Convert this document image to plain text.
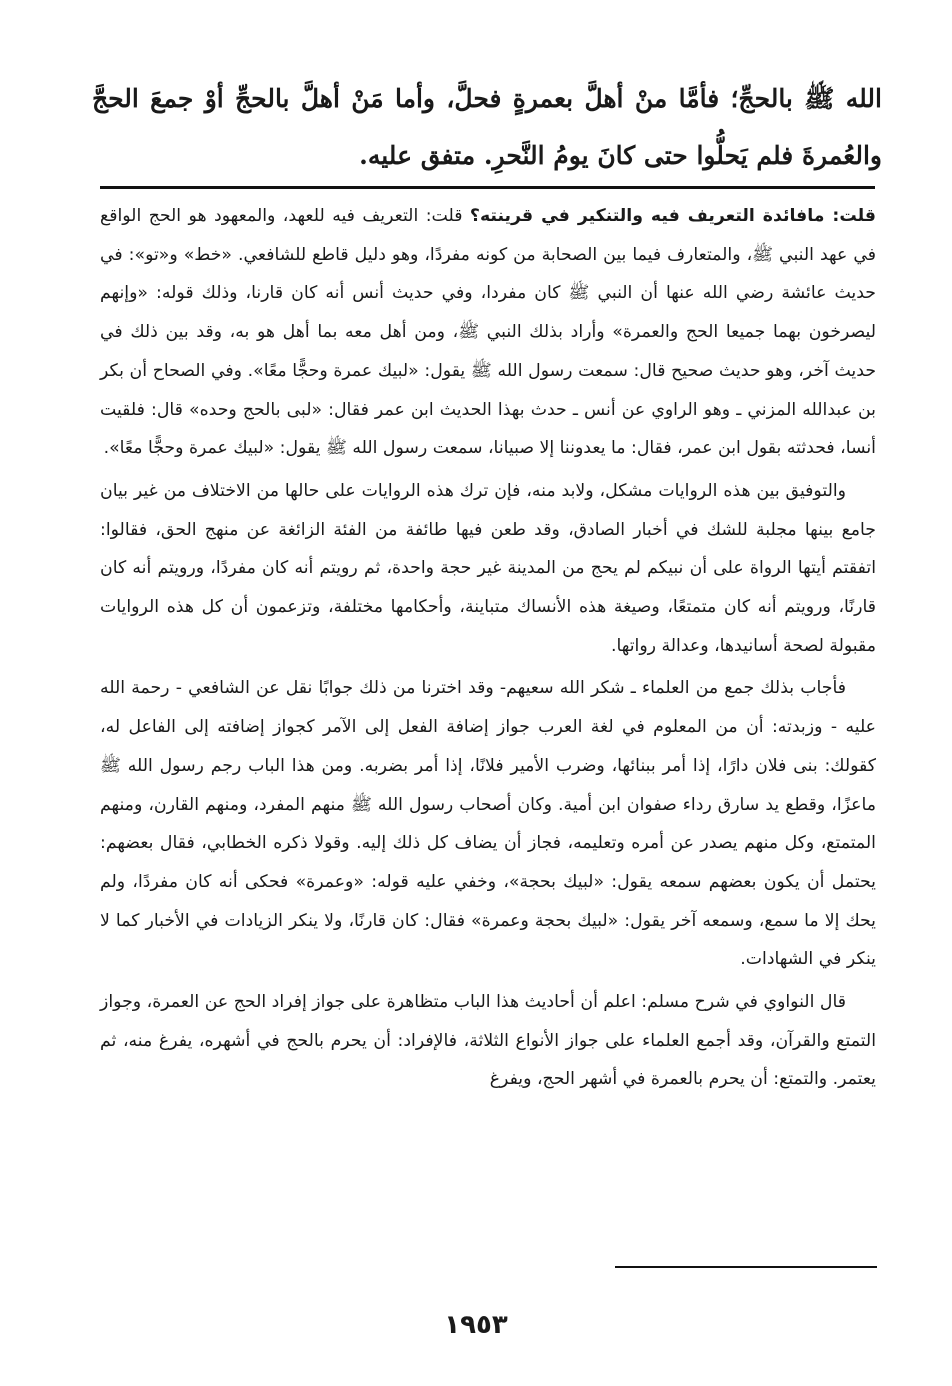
الله ﷺ بالحجِّ؛ فأمَّا منْ أهلَّ بعمرةٍ فحلَّ، وأما مَنْ أهلَّ بالحجِّ أوْ جمعَ الحجَّ والعُمرةَ فلم يَحلُّوا حتى كانَ يومُ النَّحرِ. متفق عليه.

قلت: مافائدة التعريف فيه والتنكير في قرينته؟ قلت: التعريف فيه للعهد، والمعهود هو الحج الواقع في عهد النبي ﷺ، والمتعارف فيما بين الصحابة من كونه مفردًا، وهو دليل قاطع للشافعي. «خط» و«تو»: في حديث عائشة رضي الله عنها أن النبي ﷺ كان مفردا، وفي حديث أنس أنه كان قارنا، وذلك قوله: «وإنهم ليصرخون بهما جميعا الحج والعمرة» وأراد بذلك النبي ﷺ، ومن أهل معه بما أهل هو به، وقد بين ذلك في حديث آخر، وهو حديث صحيح قال: سمعت رسول الله ﷺ يقول: «لبيك عمرة وحجًّا معًا». وفي الصحاح أن بكر بن عبدالله المزني ـ وهو الراوي عن أنس ـ حدث بهذا الحديث ابن عمر فقال: «لبى بالحج وحده» قال: فلقيت أنسا، فحدثته بقول ابن عمر، فقال: ما يعدوننا إلا صبيانا، سمعت رسول الله ﷺ يقول: «لبيك عمرة وحجًّا معًا».

والتوفيق بين هذه الروايات مشكل، ولابد منه، فإن ترك هذه الروايات على حالها من الاختلاف من غير بيان جامع بينها مجلبة للشك في أخبار الصادق، وقد طعن فيها طائفة من الفئة الزائغة عن منهج الحق، فقالوا: اتفقتم أيتها الرواة على أن نبيكم لم يحج من المدينة غير حجة واحدة، ثم رويتم أنه كان مفردًا، ورويتم أنه كان قارنًا، ورويتم أنه كان متمتعًا، وصيغة هذه الأنساك متباينة، وأحكامها مختلفة، وتزعمون أن كل هذه الروايات مقبولة لصحة أسانيدها، وعدالة رواتها.

فأجاب بذلك جمع من العلماء ـ شكر الله سعيهم- وقد اخترنا من ذلك جوابًا نقل عن الشافعي - رحمة الله عليه - وزبدته: أن من المعلوم في لغة العرب جواز إضافة الفعل إلى الآمر كجواز إضافته إلى الفاعل له، كقولك: بنى فلان دارًا، إذا أمر ببنائها، وضرب الأمير فلانًا، إذا أمر بضربه. ومن هذا الباب رجم رسول الله ﷺ ماعزًا، وقطع يد سارق رداء صفوان ابن أمية. وكان أصحاب رسول الله ﷺ منهم المفرد، ومنهم القارن، ومنهم المتمتع، وكل منهم يصدر عن أمره وتعليمه، فجاز أن يضاف كل ذلك إليه. وقولا ذكره الخطابي، فقال بعضهم: يحتمل أن يكون بعضهم سمعه يقول: «لبيك بحجة»، وخفي عليه قوله: «وعمرة» فحكى أنه كان مفردًا، ولم يحك إلا ما سمع، وسمعه آخر يقول: «لبيك بحجة وعمرة» فقال: كان قارنًا، ولا ينكر الزيادات في الأخبار كما لا ينكر في الشهادات.

قال النواوي في شرح مسلم: اعلم أن أحاديث هذا الباب متظاهرة على جواز إفراد الحج عن العمرة، وجواز التمتع والقرآن، وقد أجمع العلماء على جواز الأنواع الثلاثة، فالإفراد: أن يحرم بالحج في أشهره، يفرغ منه، ثم يعتمر. والتمتع: أن يحرم بالعمرة في أشهر الحج، ويفرغ

١٩٥٣
